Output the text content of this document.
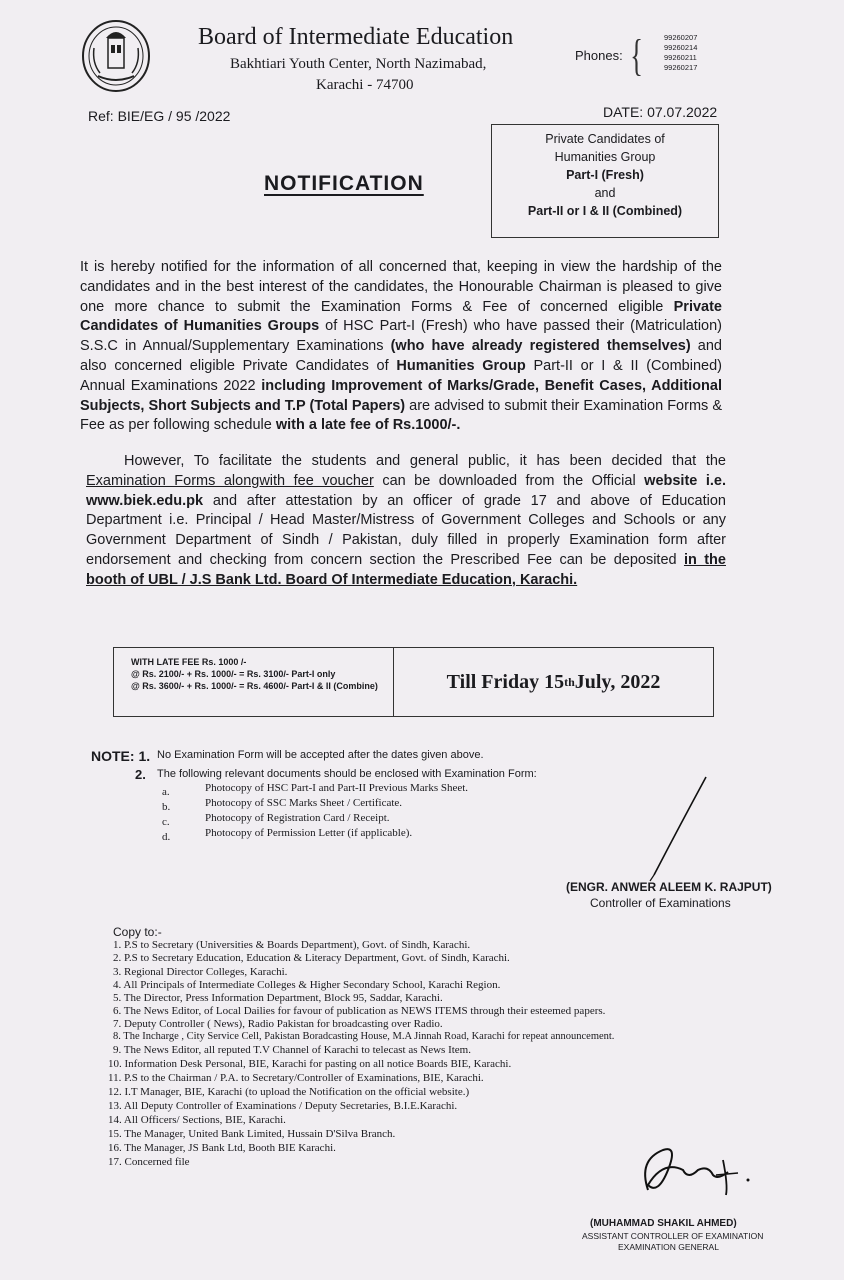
Board of Intermediate Education
Bakhtiari Youth Center, North Nazimabad,
Karachi - 74700
Phones: {	99260207
99260214
99260211
99260217
Ref: BIE/EG / 95 /2022	DATE: 07.07.2022
Private Candidates of
Humanities Group
Part-I (Fresh)
and
Part-II or I & II (Combined)
NOTIFICATION
It is hereby notified for the information of all concerned that, keeping in view the hardship of the candidates and in the best interest of the candidates, the Honourable Chairman is pleased to give one more chance to submit the Examination Forms & Fee of concerned eligible Private Candidates of Humanities Groups of HSC Part-I (Fresh) who have passed their (Matriculation) S.S.C in Annual/Supplementary Examinations (who have already registered themselves) and also concerned eligible Private Candidates of Humanities Group Part-II or I & II (Combined) Annual Examinations 2022 including Improvement of Marks/Grade, Benefit Cases, Additional Subjects, Short Subjects and T.P (Total Papers) are advised to submit their Examination Forms & Fee as per following schedule with a late fee of Rs.1000/-.
However, To facilitate the students and general public, it has been decided that the Examination Forms alongwith fee voucher can be downloaded from the Official website i.e. www.biek.edu.pk and after attestation by an officer of grade 17 and above of Education Department i.e. Principal / Head Master/Mistress of Government Colleges and Schools or any Government Department of Sindh / Pakistan, duly filled in properly Examination form after endorsement and checking from concern section the Prescribed Fee can be deposited in the booth of UBL / J.S Bank Ltd. Board Of Intermediate Education, Karachi.
WITH LATE FEE Rs. 1000 /-
@ Rs. 2100/- + Rs. 1000/- = Rs. 3100/- Part-I only
@ Rs. 3600/- + Rs. 1000/- = Rs. 4600/- Part-I & II (Combine)	Till Friday 15 th July, 2022
NOTE: 1. No Examination Form will be accepted after the dates given above.
2. The following relevant documents should be enclosed with Examination Form:
a.	Photocopy of HSC Part-I and Part-II Previous Marks Sheet.
b.	Photocopy of SSC Marks Sheet / Certificate.
c.	Photocopy of Registration Card / Receipt.
d.	Photocopy of Permission Letter (if applicable).
(ENGR. ANWER ALEEM K. RAJPUT)
Controller of Examinations
Copy to:-
1. P.S to Secretary (Universities & Boards Department), Govt. of Sindh, Karachi.
2. P.S to Secretary Education, Education & Literacy Department, Govt. of Sindh, Karachi.
3. Regional Director Colleges, Karachi.
4. All Principals of Intermediate Colleges & Higher Secondary School, Karachi Region.
5. The Director, Press Information Department, Block 95, Saddar, Karachi.
6. The News Editor, of Local Dailies for favour of publication as NEWS ITEMS through their esteemed papers.
7. Deputy Controller ( News), Radio Pakistan for broadcasting over Radio.
8. The Incharge , City Service Cell, Pakistan Boradcasting House, M.A Jinnah Road, Karachi for repeat announcement.
9. The News Editor, all reputed T.V Channel of Karachi to telecast as News Item.
10. Information Desk Personal, BIE, Karachi for pasting on all notice Boards BIE, Karachi.
11. P.S to the Chairman / P.A. to Secretary/Controller of Examinations, BIE, Karachi.
12. I.T Manager, BIE, Karachi (to upload the Notification on the official website.)
13. All Deputy Controller of Examinations / Deputy Secretaries, B.I.E.Karachi.
14. All Officers/ Sections, BIE, Karachi.
15. The Manager, United Bank Limited, Hussain D'Silva Branch.
16. The Manager, JS Bank Ltd, Booth BIE Karachi.
17. Concerned file
(MUHAMMAD SHAKIL AHMED)
ASSISTANT CONTROLLER OF EXAMINATION
EXAMINATION GENERAL
